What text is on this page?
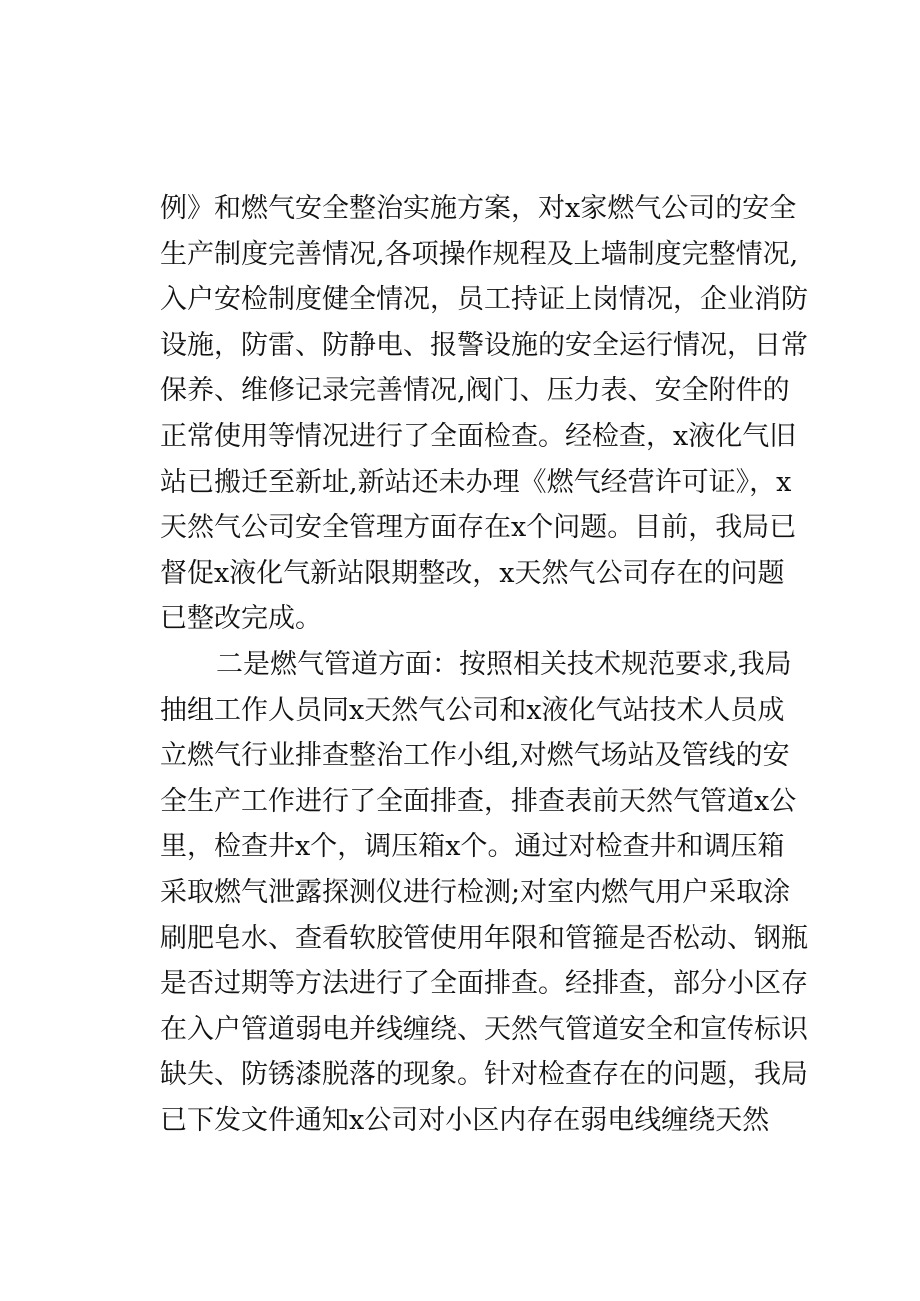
例》和燃气安全整治实施方案，对x家燃气公司的安全
生产制度完善情况,各项操作规程及上墙制度完整情况,
入户安检制度健全情况，员工持证上岗情况，企业消防
设施，防雷、防静电、报警设施的安全运行情况，日常
保养、维修记录完善情况,阀门、压力表、安全附件的
正常使用等情况进行了全面检查。经检查，x液化气旧
站已搬迁至新址,新站还未办理《燃气经营许可证》，x
天然气公司安全管理方面存在x个问题。目前，我局已
督促x液化气新站限期整改，x天然气公司存在的问题
已整改完成。
二是燃气管道方面：按照相关技术规范要求,我局
抽组工作人员同x天然气公司和x液化气站技术人员成
立燃气行业排查整治工作小组,对燃气场站及管线的安
全生产工作进行了全面排查，排查表前天然气管道x公
里，检查井x个，调压箱x个。通过对检查井和调压箱
采取燃气泄露探测仪进行检测;对室内燃气用户采取涂
刷肥皂水、查看软胶管使用年限和管箍是否松动、钢瓶
是否过期等方法进行了全面排查。经排查，部分小区存
在入户管道弱电并线缠绕、天然气管道安全和宣传标识
缺失、防锈漆脱落的现象。针对检查存在的问题，我局
已下发文件通知x公司对小区内存在弱电线缠绕天然
